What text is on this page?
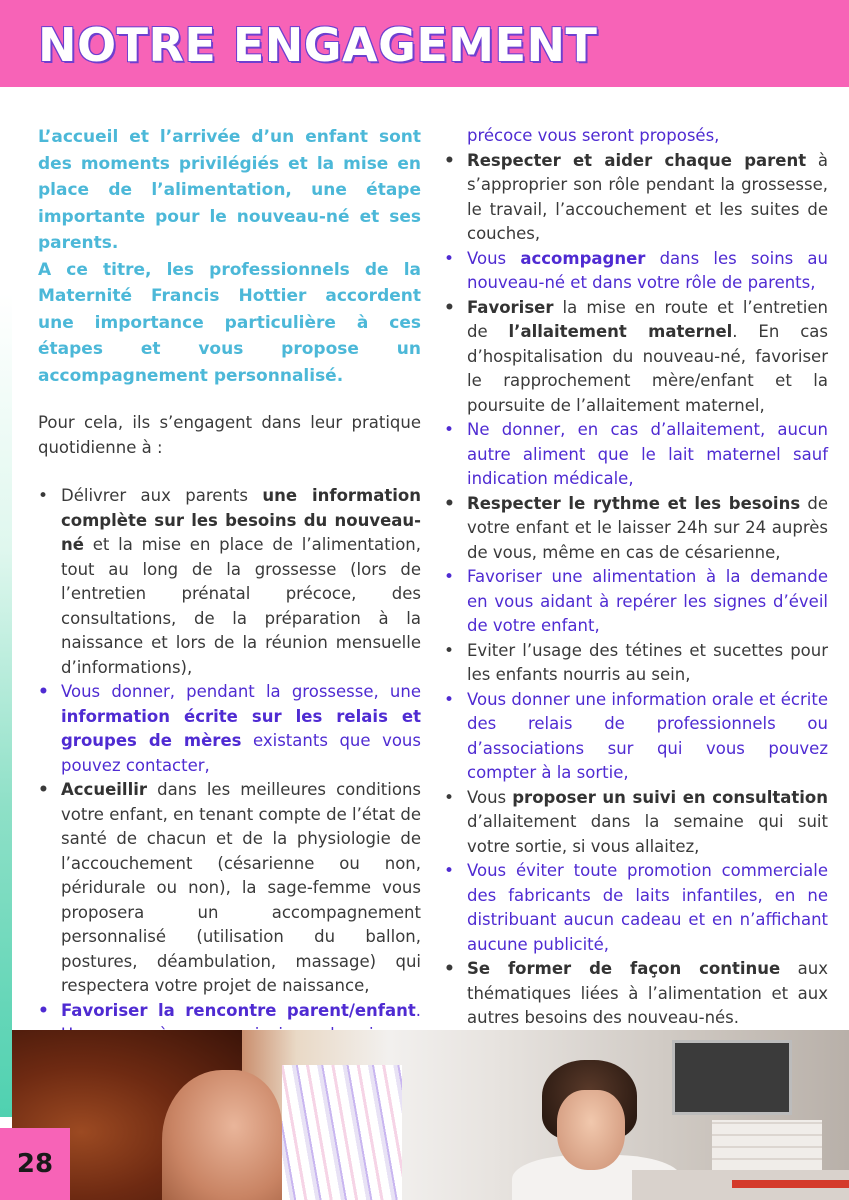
NOTRE ENGAGEMENT

L’accueil et l’arrivée d’un enfant sont des moments privilégiés et la mise en place de l’alimentation, une étape importante pour le nouveau-né et ses parents.

A ce titre, les professionnels de la Maternité Francis Hottier accordent une importance particulière à ces étapes et vous propose un accompagnement personnalisé.

Pour cela, ils s’engagent dans leur pratique quotidienne à :

• Délivrer aux parents une information complète sur les besoins du nouveau-né et la mise en place de l’alimentation, tout au long de la grossesse (lors de l’entretien prénatal précoce, des consultations, de la préparation à la naissance et lors de la réunion mensuelle d’informations),
• Vous donner, pendant la grossesse, une information écrite sur les relais et groupes de mères existants que vous pouvez contacter,
• Accueillir dans les meilleures conditions votre enfant, en tenant compte de l’état de santé de chacun et de la physiologie de l’accouchement (césarienne ou non, péridurale ou non), la sage-femme vous proposera un accompagnement personnalisé (utilisation du ballon, postures, déambulation, massage) qui respectera votre projet de naissance,
• Favoriser la rencontre parent/enfant.
précoce vous seront proposés,
• Respecter et aider chaque parent à s’approprier son rôle pendant la grossesse, le travail, l’accouchement et les suites de couches,
• Vous accompagner dans les soins au nouveau-né et dans votre rôle de parents,
• Favoriser la mise en route et l’entretien de l’allaitement maternel. En cas d’hospitalisation du nouveau-né, favoriser le rapprochement mère/enfant et la poursuite de l’allaitement maternel,
• Ne donner, en cas d’allaitement, aucun autre aliment que le lait maternel sauf indication médicale,
• Respecter le rythme et les besoins de votre enfant et le laisser 24h sur 24 auprès de vous, même en cas de césarienne,
• Favoriser une alimentation à la demande en vous aidant à repérer les signes d’éveil de votre enfant,
• Eviter l’usage des tétines et sucettes pour les enfants nourris au sein,
• Vous donner une information orale et écrite des relais de professionnels ou d’associations sur qui vous pouvez compter à la sortie,
• Vous proposer un suivi en consultation d’allaitement dans la semaine qui suit votre sortie, si vous allaitez,
• Vous éviter toute promotion commerciale des fabricants de laits infantiles, en ne distribuant aucun cadeau et en n’affichant aucune publicité,
• Se former de façon continue aux thématiques liées à l’alimentation et aux autres besoins des nouveau-nés.
28
